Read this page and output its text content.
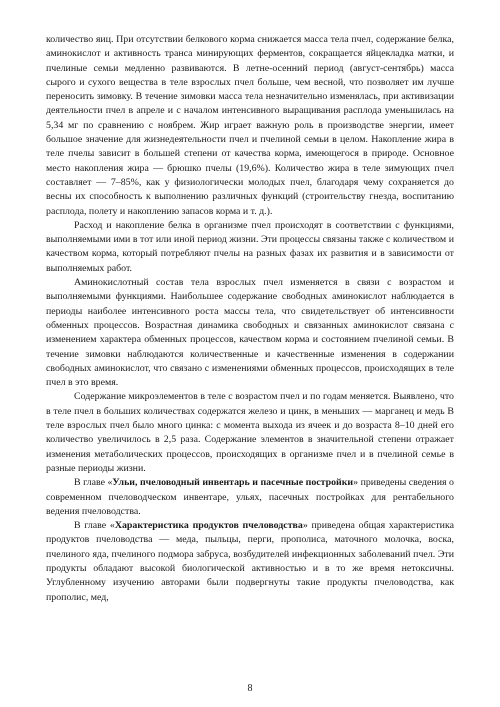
количество яиц. При отсутствии белкового корма снижается масса тела пчел, содержание белка, аминокислот и активность транса минирующих ферментов, сокращается яйцекладка матки, и пчелиные семьи медленно развиваются. В летне-осенний период (август-сентябрь) масса сырого и сухого вещества в теле взрослых пчел больше, чем весной, что позволяет им лучше переносить зимовку. В течение зимовки масса тела незначительно изменялась, при активизации деятельности пчел в апреле и с началом интенсивного выращивания расплода уменьшилась на 5,34 мг по сравнению с ноябрем. Жир играет важную роль в производстве энергии, имеет большое значение для жизнедеятельности пчел и пчелиной семьи в целом. Накопление жира в теле пчелы зависит в большей степени от качества корма, имеющегося в природе. Основное место накопления жира — брюшко пчелы (19,6%). Количество жира в теле зимующих пчел составляет — 7–85%, как у физиологически молодых пчел, благодаря чему сохраняется до весны их способность к выполнению различных функций (строительству гнезда, воспитанию расплода, полету и накоплению запасов корма и т. д.).

Расход и накопление белка в организме пчел происходят в соответствии с функциями, выполняемыми ими в тот или иной период жизни. Эти процессы связаны также с количеством и качеством корма, который потребляют пчелы на разных фазах их развития и в зависимости от выполняемых работ.

Аминокислотный состав тела взрослых пчел изменяется в связи с возрастом и выполняемыми функциями. Наибольшее содержание свободных аминокислот наблюдается в периоды наиболее интенсивного роста массы тела, что свидетельствует об интенсивности обменных процессов. Возрастная динамика свободных и связанных аминокислот связана с изменением характера обменных процессов, качеством корма и состоянием пчелиной семьи. В течение зимовки наблюдаются количественные и качественные изменения в содержании свободных аминокислот, что связано с изменениями обменных процессов, происходящих в теле пчел в это время.

Содержание микроэлементов в теле с возрастом пчел и по годам меняется. Выявлено, что в теле пчел в больших количествах содержатся железо и цинк, в меньших — марганец и медь В теле взрослых пчел было много цинка: с момента выхода из ячеек и до возраста 8–10 дней его количество увеличилось в 2,5 раза. Содержание элементов в значительной степени отражает изменения метаболических процессов, происходящих в организме пчел и в пчелиной семье в разные периоды жизни.

В главе «Ульи, пчеловодный инвентарь и пасечные постройки» приведены сведения о современном пчеловодческом инвентаре, ульях, пасечных постройках для рентабельного ведения пчеловодства.

В главе «Характеристика продуктов пчеловодства» приведена общая характеристика продуктов пчеловодства — меда, пыльцы, перги, прополиса, маточного молочка, воска, пчелиного яда, пчелиного подмора забруса, возбудителей инфекционных заболеваний пчел. Эти продукты обладают высокой биологической активностью и в то же время нетоксичны. Углубленному изучению авторами были подвергнуты такие продукты пчеловодства, как прополис, мед,

8
